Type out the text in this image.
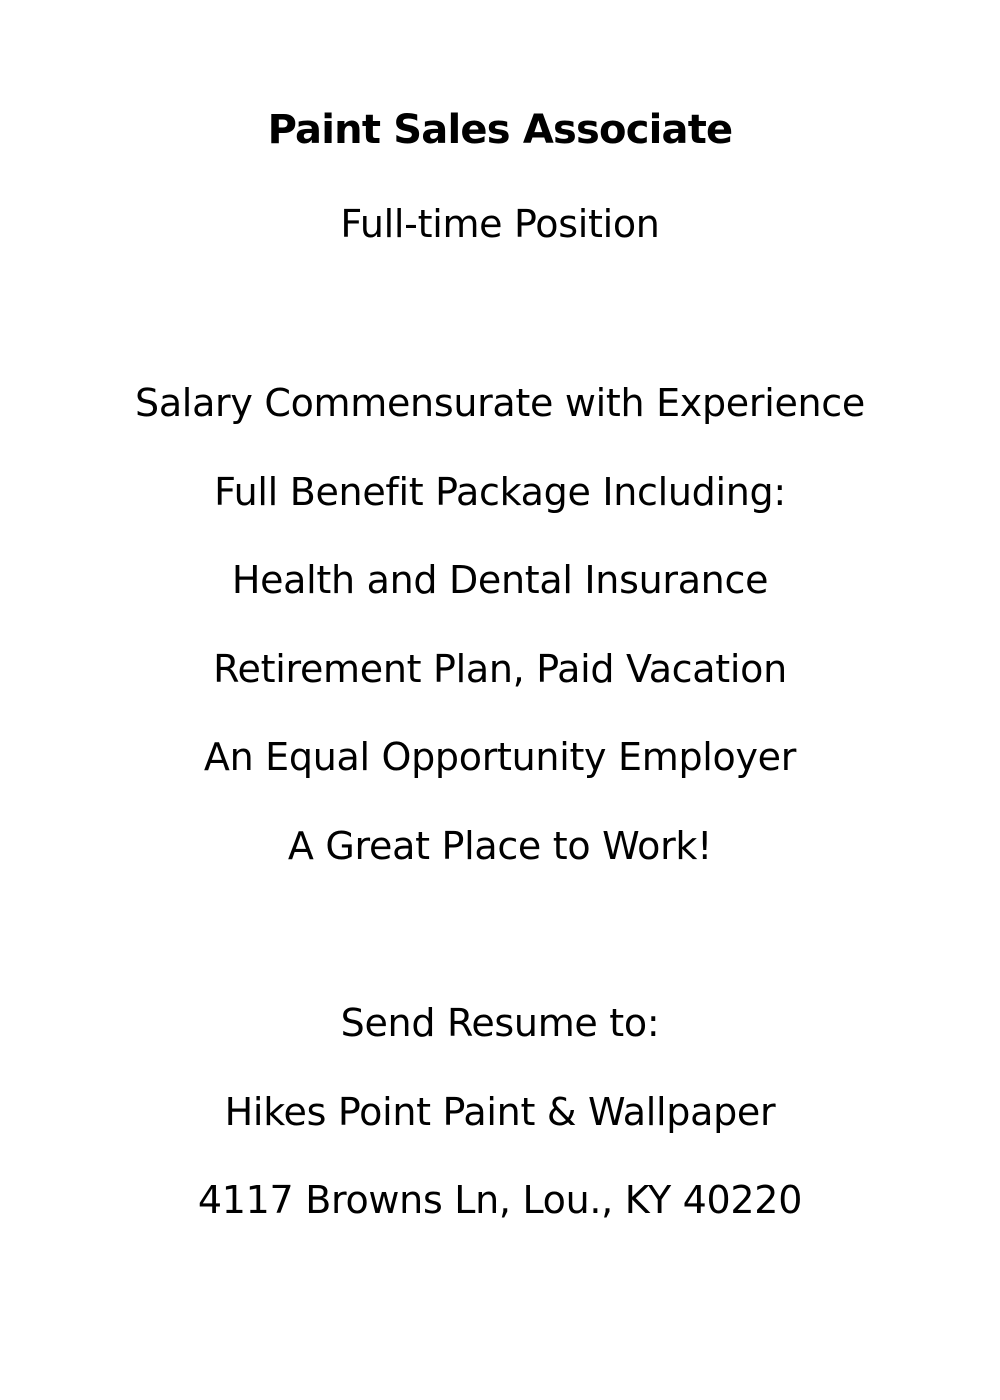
Paint Sales Associate
Full-time Position
Salary Commensurate with Experience
Full Benefit Package Including:
Health and Dental Insurance
Retirement Plan, Paid Vacation
An Equal Opportunity Employer
A Great Place to Work!
Send Resume to:
Hikes Point Paint & Wallpaper
4117 Browns Ln, Lou., KY 40220
